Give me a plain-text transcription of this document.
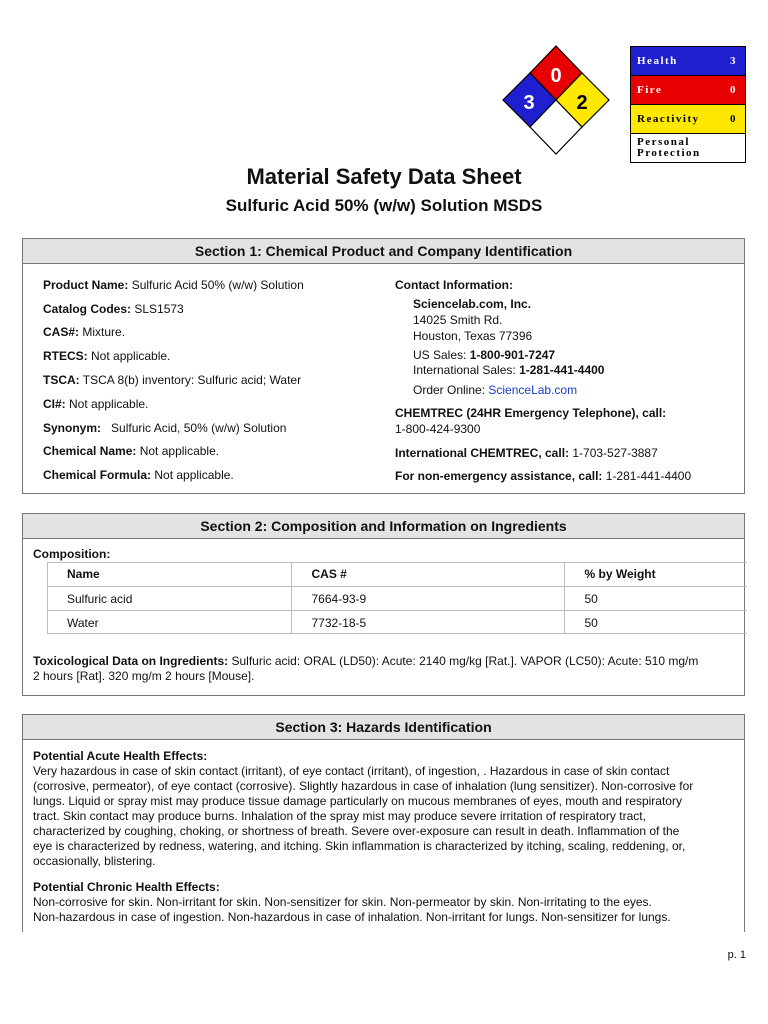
0
3 2
Health	3
Fire	0
Reactivity	0
Personal
Protection
Material Safety Data Sheet
Sulfuric Acid 50% (w/w) Solution MSDS
Section 1: Chemical Product and Company Identification
Product Name: Sulfuric Acid 50% (w/w) Solution
Catalog Codes: SLS1573
CAS#: Mixture.
RTECS: Not applicable.
TSCA: TSCA 8(b) inventory: Sulfuric acid; Water
CI#: Not applicable.
Synonym:   Sulfuric Acid, 50% (w/w) Solution
Chemical Name: Not applicable.
Chemical Formula: Not applicable.
Contact Information:
Sciencelab.com, Inc.
14025 Smith Rd.
Houston, Texas 77396
US Sales: 1-800-901-7247
International Sales: 1-281-441-4400
Order Online: ScienceLab.com
CHEMTREC (24HR Emergency Telephone), call:
1-800-424-9300
International CHEMTREC, call: 1-703-527-3887
For non-emergency assistance, call: 1-281-441-4400
Section 2: Composition and Information on Ingredients
Composition:
Name	CAS #	% by Weight
Sulfuric acid	7664-93-9	50
Water	7732-18-5	50
Toxicological Data on Ingredients: Sulfuric acid: ORAL (LD50): Acute: 2140 mg/kg [Rat.]. VAPOR (LC50): Acute: 510 mg/m
2 hours [Rat]. 320 mg/m 2 hours [Mouse].
Section 3: Hazards Identification
Potential Acute Health Effects:
Very hazardous in case of skin contact (irritant), of eye contact (irritant), of ingestion, . Hazardous in case of skin contact
(corrosive, permeator), of eye contact (corrosive). Slightly hazardous in case of inhalation (lung sensitizer). Non-corrosive for
lungs. Liquid or spray mist may produce tissue damage particularly on mucous membranes of eyes, mouth and respiratory
tract. Skin contact may produce burns. Inhalation of the spray mist may produce severe irritation of respiratory tract,
characterized by coughing, choking, or shortness of breath. Severe over-exposure can result in death. Inflammation of the
eye is characterized by redness, watering, and itching. Skin inflammation is characterized by itching, scaling, reddening, or,
occasionally, blistering.
Potential Chronic Health Effects:
Non-corrosive for skin. Non-irritant for skin. Non-sensitizer for skin. Non-permeator by skin. Non-irritating to the eyes.
Non-hazardous in case of ingestion. Non-hazardous in case of inhalation. Non-irritant for lungs. Non-sensitizer for lungs.
p. 1
